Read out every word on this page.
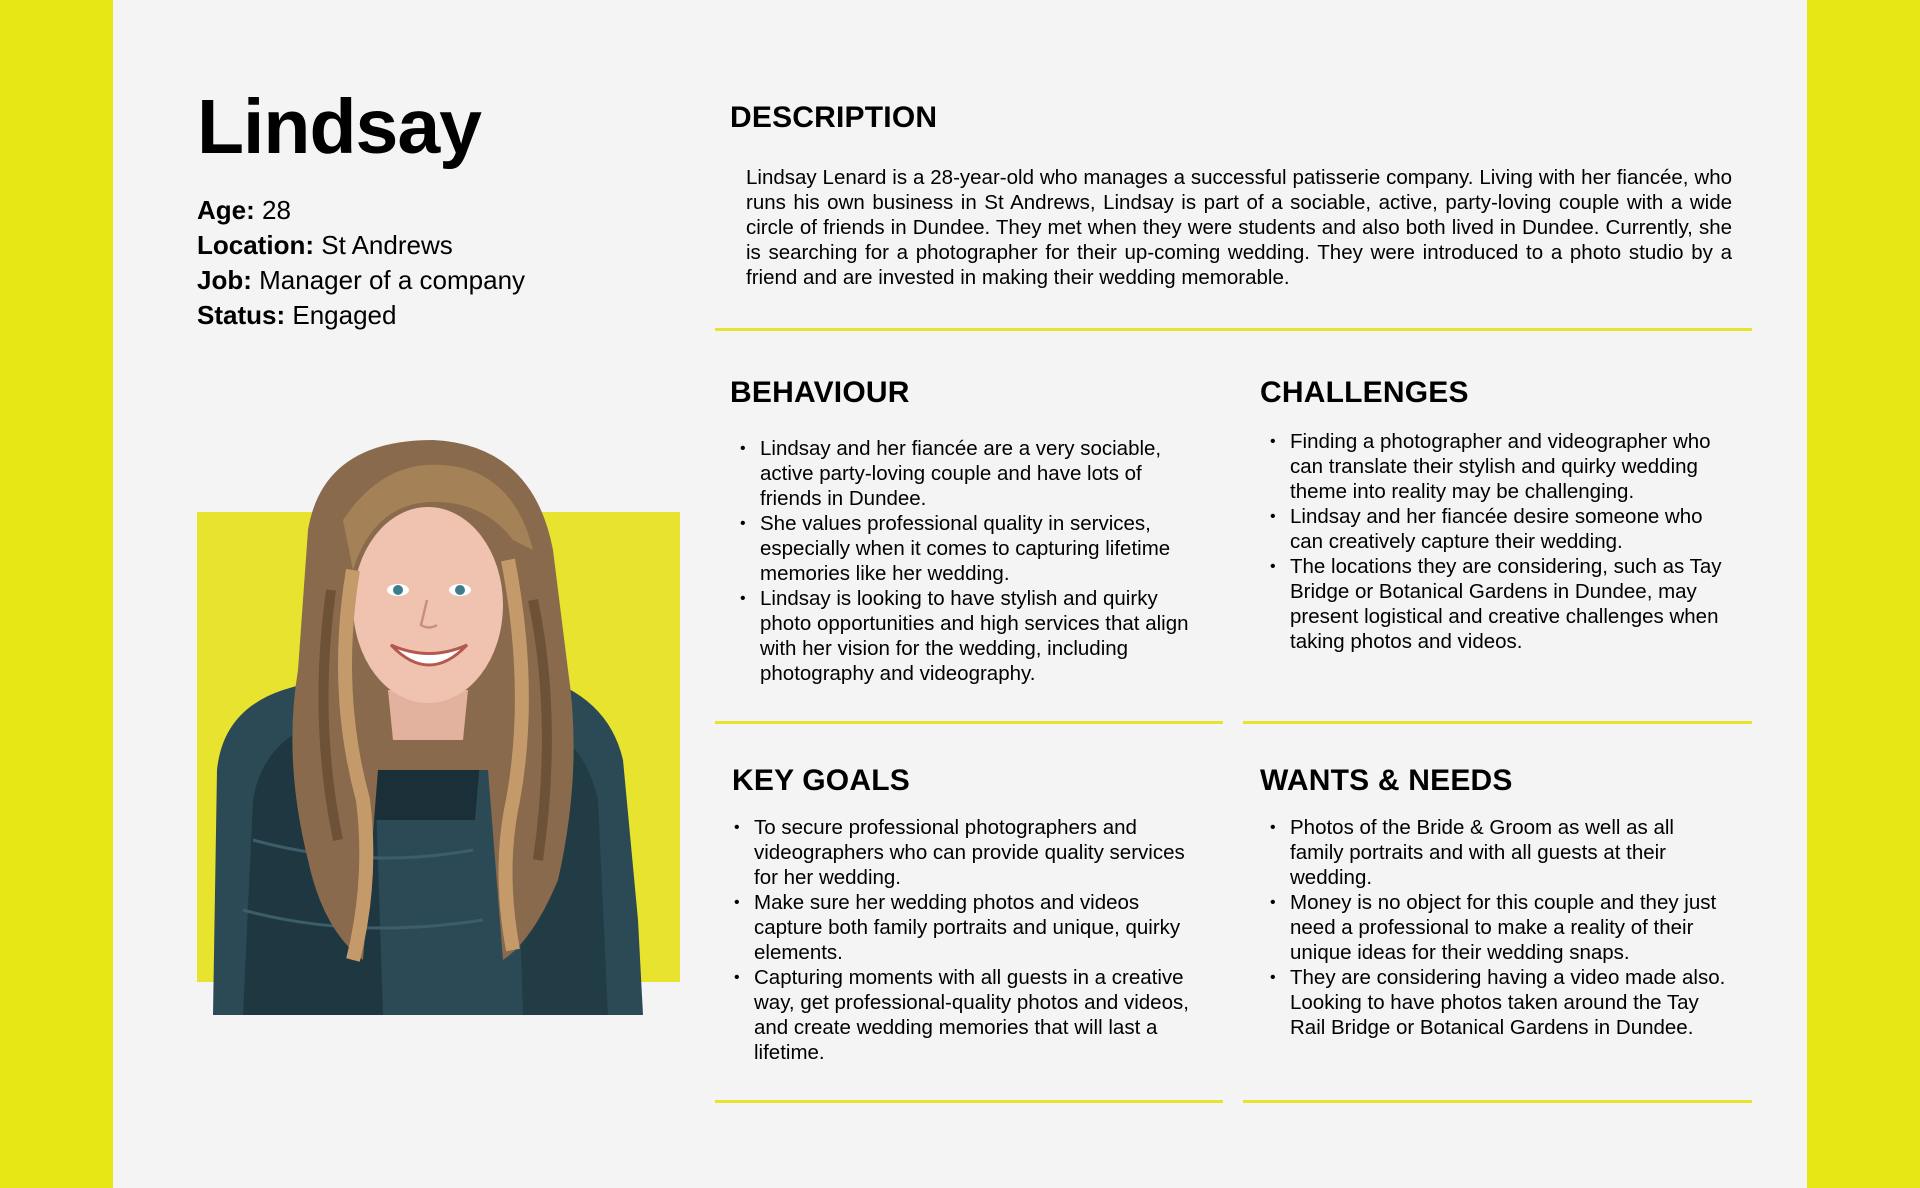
Lindsay
Age: 28
Location: St Andrews
Job: Manager of a company
Status: Engaged
DESCRIPTION

Lindsay Lenard is a 28-year-old who manages a successful patisserie company. Living with her fiancée, who runs his own business in St Andrews, Lindsay is part of a sociable, active, party-loving couple with a wide circle of friends in Dundee. They met when they were students and also both lived in Dundee. Currently, she is searching for a photographer for their up-coming wedding. They were introduced to a photo studio by a friend and are invested in making their wedding memorable.

BEHAVIOUR
• Lindsay and her fiancée are a very sociable, active party-loving couple and have lots of friends in Dundee.
• She values professional quality in services, especially when it comes to capturing lifetime memories like her wedding.
• Lindsay is looking to have stylish and quirky photo opportunities and high services that align with her vision for the wedding, including photography and videography.
CHALLENGES
• Finding a photographer and videographer who can translate their stylish and quirky wedding theme into reality may be challenging.
• Lindsay and her fiancée desire someone who can creatively capture their wedding.
• The locations they are considering, such as Tay Bridge or Botanical Gardens in Dundee, may present logistical and creative challenges when taking photos and videos.
KEY GOALS
• To secure professional photographers and videographers who can provide quality services for her wedding.
• Make sure her wedding photos and videos capture both family portraits and unique, quirky elements.
• Capturing moments with all guests in a creative way, get professional-quality photos and videos, and create wedding memories that will last a lifetime.
WANTS & NEEDS
• Photos of the Bride & Groom as well as all family portraits and with all guests at their wedding.
• Money is no object for this couple and they just need a professional to make a reality of their unique ideas for their wedding snaps.
• They are considering having a video made also. Looking to have photos taken around the Tay Rail Bridge or Botanical Gardens in Dundee.
